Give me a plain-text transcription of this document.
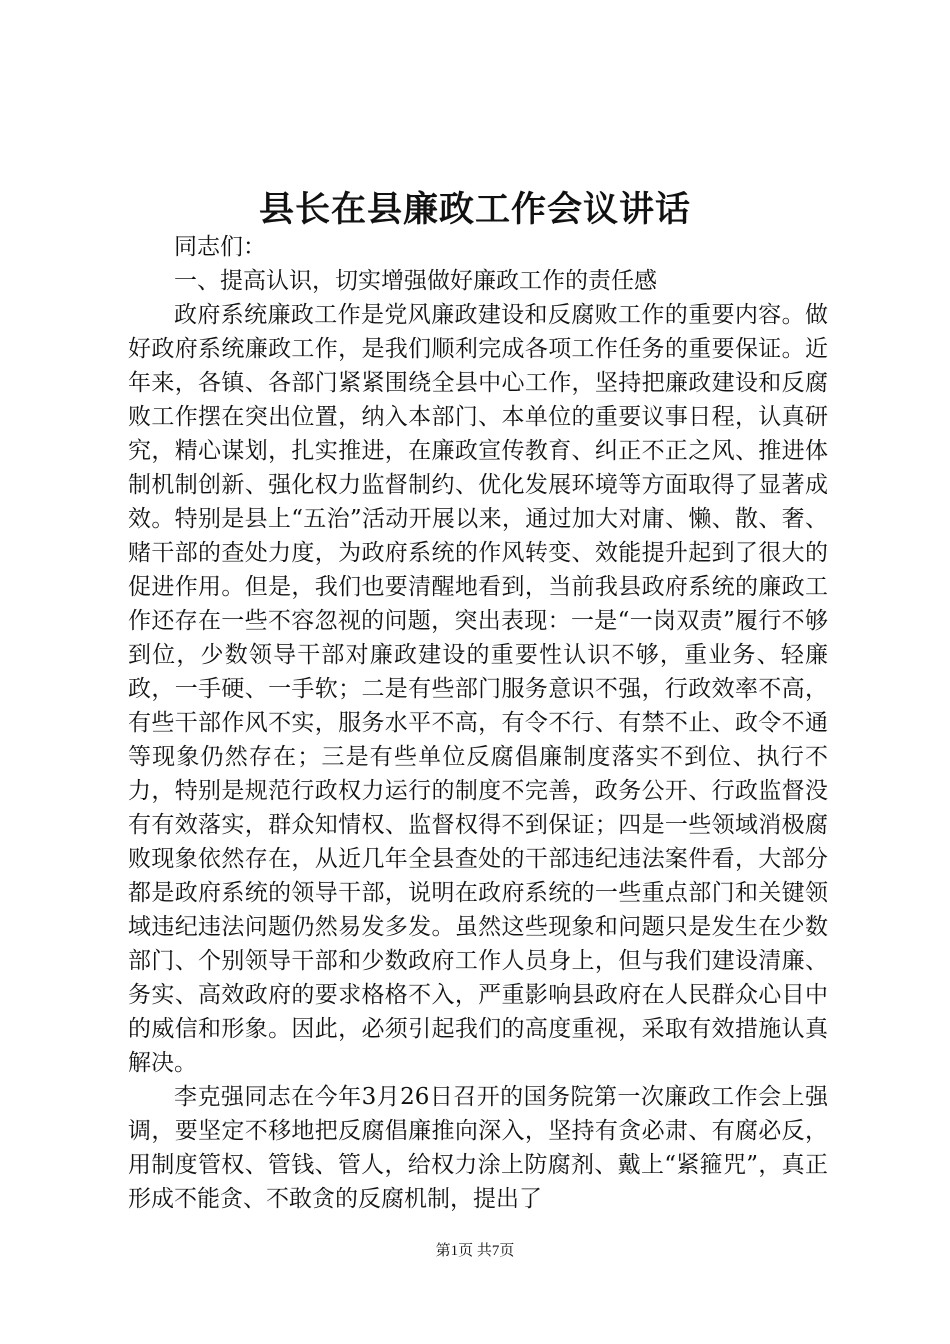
县长在县廉政工作会议讲话

同志们：

一、提高认识，切实增强做好廉政工作的责任感

政府系统廉政工作是党风廉政建设和反腐败工作的重要内容。做好政府系统廉政工作，是我们顺利完成各项工作任务的重要保证。近年来，各镇、各部门紧紧围绕全县中心工作，坚持把廉政建设和反腐败工作摆在突出位置，纳入本部门、本单位的重要议事日程，认真研究，精心谋划，扎实推进，在廉政宣传教育、纠正不正之风、推进体制机制创新、强化权力监督制约、优化发展环境等方面取得了显著成效。特别是县上“五治”活动开展以来，通过加大对庸、懒、散、奢、赌干部的查处力度，为政府系统的作风转变、效能提升起到了很大的促进作用。但是，我们也要清醒地看到，当前我县政府系统的廉政工作还存在一些不容忽视的问题，突出表现：一是“一岗双责”履行不够到位，少数领导干部对廉政建设的重要性认识不够，重业务、轻廉政，一手硬、一手软；二是有些部门服务意识不强，行政效率不高，有些干部作风不实，服务水平不高，有令不行、有禁不止、政令不通等现象仍然存在；三是有些单位反腐倡廉制度落实不到位、执行不力，特别是规范行政权力运行的制度不完善，政务公开、行政监督没有有效落实，群众知情权、监督权得不到保证；四是一些领域消极腐败现象依然存在，从近几年全县查处的干部违纪违法案件看，大部分都是政府系统的领导干部，说明在政府系统的一些重点部门和关键领域违纪违法问题仍然易发多发。虽然这些现象和问题只是发生在少数部门、个别领导干部和少数政府工作人员身上，但与我们建设清廉、务实、高效政府的要求格格不入，严重影响县政府在人民群众心目中的威信和形象。因此，必须引起我们的高度重视，采取有效措施认真解决。

李克强同志在今年3月26日召开的国务院第一次廉政工作会上强调，要坚定不移地把反腐倡廉推向深入，坚持有贪必肃、有腐必反，用制度管权、管钱、管人，给权力涂上防腐剂、戴上“紧箍咒”，真正形成不能贪、不敢贪的反腐机制，提出了

第1页 共7页
